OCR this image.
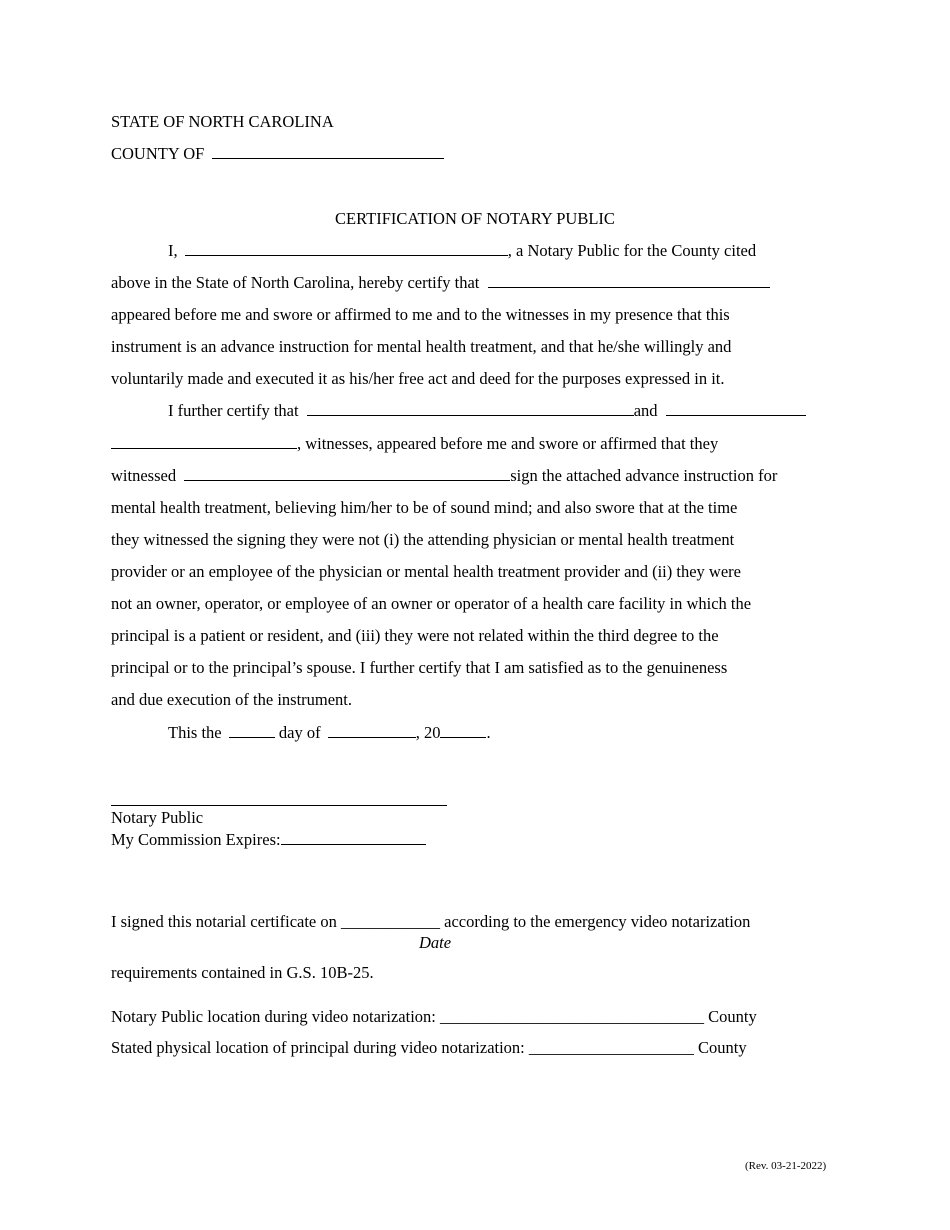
STATE OF NORTH CAROLINA
COUNTY OF
CERTIFICATION OF NOTARY PUBLIC
I,	, a Notary Public for the County cited
above in the State of North Carolina, hereby certify that
appeared before me and swore or affirmed to me and to the witnesses in my presence that this
instrument is an advance instruction for mental health treatment, and that he/she willingly and
voluntarily made and executed it as his/her free act and deed for the purposes expressed in it.
I further certify that	and
, witnesses, appeared before me and swore or affirmed that they
witnessed	sign the attached advance instruction for
mental health treatment, believing him/her to be of sound mind; and also swore that at the time
they witnessed the signing they were not (i) the attending physician or mental health treatment
provider or an employee of the physician or mental health treatment provider and (ii) they were
not an owner, operator, or employee of an owner or operator of a health care facility in which the
principal is a patient or resident, and (iii) they were not related within the third degree to the
principal or to the principal’s spouse. I further certify that I am satisfied as to the genuineness
and due execution of the instrument.
This the	day of	, 20	.
Notary Public
My Commission Expires:
I signed this notarial certificate on ____________ according to the emergency video notarization
Date
requirements contained in G.S. 10B-25.
Notary Public location during video notarization: ________________________________ County
Stated physical location of principal during video notarization: ____________________ County
(Rev. 03-21-2022)
